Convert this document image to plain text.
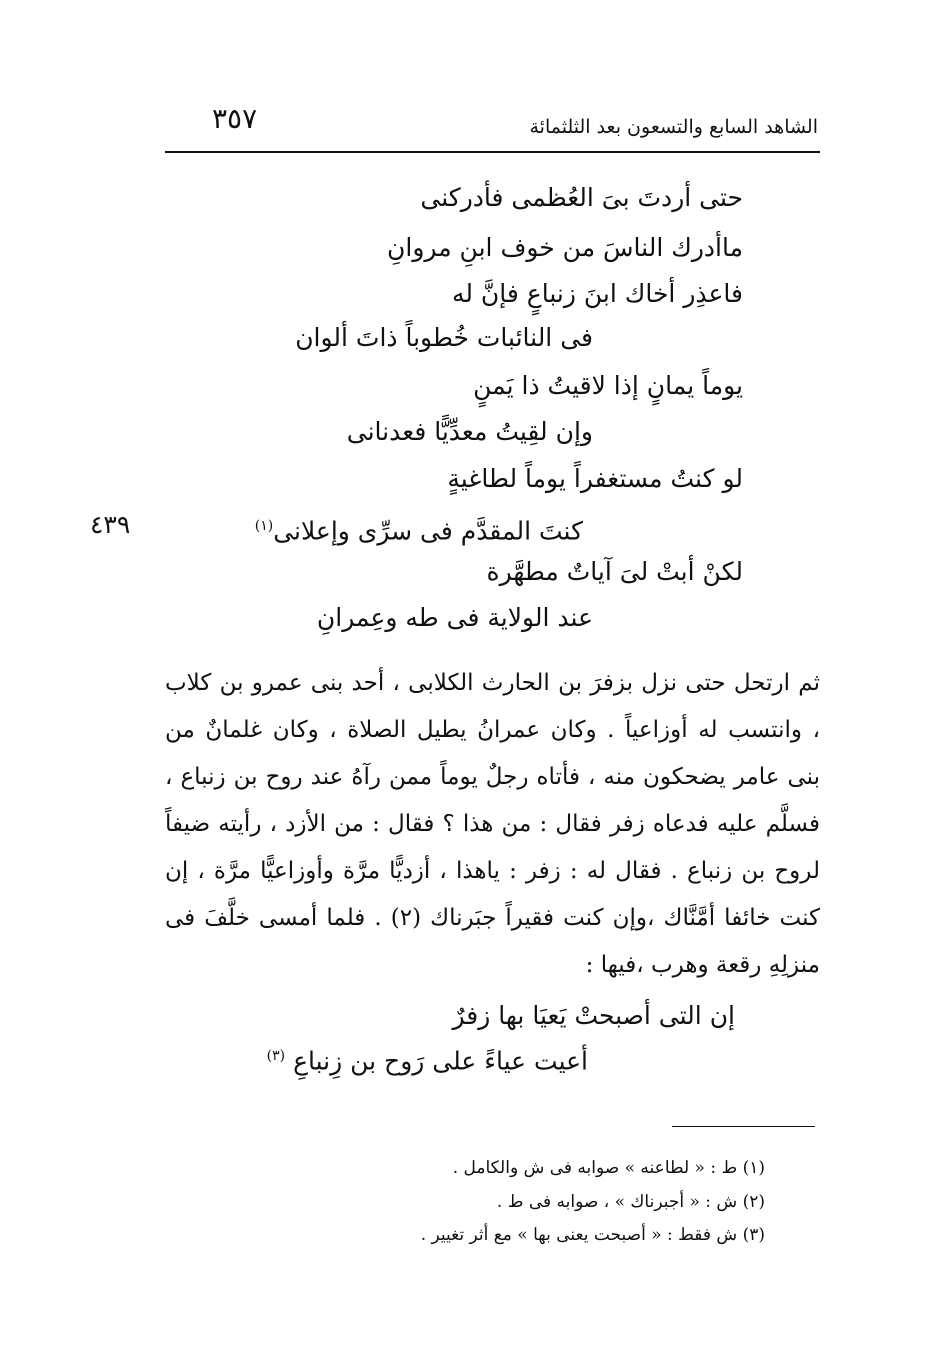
الشاهد السابع والتسعون بعد الثلثمائة
٣٥٧
حتى أردتَ بىَ العُظمى فأدركنى
ماأدرك الناسَ من خوف ابنِ مروانِ
فاعذِر أخاك ابنَ زنباعٍ فإنَّ له
فى النائبات خُطوباً ذاتَ ألوان
يوماً يمانٍ إذا لاقيتُ ذا يَمنٍ
وإن لقِيتُ معدِّيًّا فعدنانى
لو كنتُ مستغفراً يوماً لطاغيةٍ
كنتَ المقدَّم فى سرِّى وإعلانى$^{(١)}$
٤٣٩
لكنْ أبتْ لىَ آياتٌ مطهَّرة
عند الولاية فى طه وعِمرانِ
ثم ارتحل حتى نزل بزفرَ بن الحارث الكلابى ، أحد بنى عمرو بن كلاب ، وانتسب له أوزاعياً . وكان عمرانُ يطيل الصلاة ، وكان غلمانٌ من بنى عامر يضحكون منه ، فأتاه رجلٌ يوماً ممن رآهُ عند روح بن زنباع ، فسلَّم عليه فدعاه زفر فقال : من هذا ؟ فقال : من الأزد ، رأيته ضيفاً لروح بن زنباع . فقال له : زفر : ياهذا ، أزديًّا مرَّة وأوزاعيًّا مرَّة ، إن كنت خائفا أمَّنَّاك ،وإن كنت فقيراً جبَرناك (٢) . فلما أمسى خلَّفَ فى منزلِهِ رقعة وهرب ،فيها :
إن التى أصبحتْ يَعيَا بها زفرٌ
أعيت عياءً على رَوح بن زِنباعِ $^{(٣)}$
(١) ط : « لطاعنه » صوابه فى ش والكامل .
(٢) ش : « أجبرناك » ، صوابه فى ط .
(٣) ش فقط : « أصبحت يعنى بها » مع أثر تغيير .
